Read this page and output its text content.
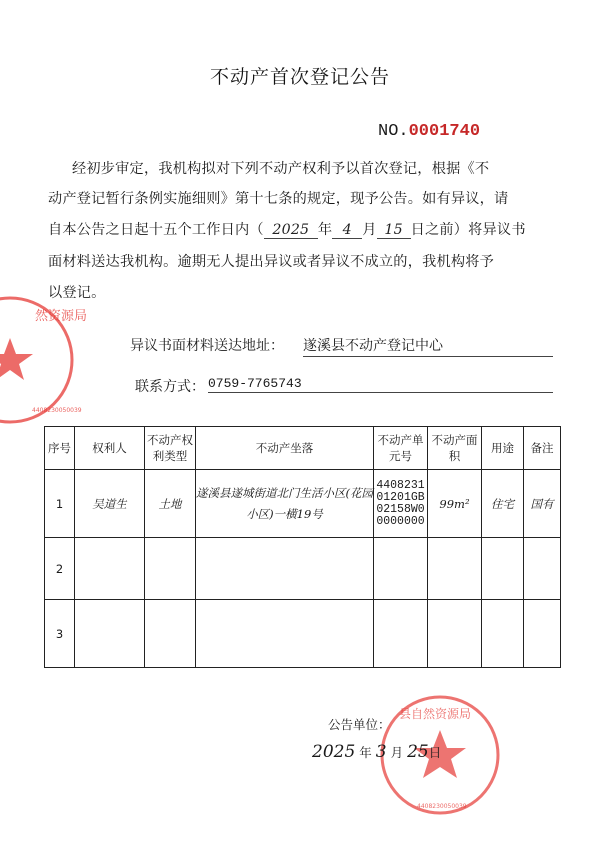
然资源局
4408230050039
县自然资源局
4408230050039
不动产首次登记公告
NO.0001740
经初步审定，我机构拟对下列不动产权利予以首次登记，根据《不
动产登记暂行条例实施细则》第十七条的规定，现予公告。如有异议，请
自本公告之日起十五个工作日内（ 2025 年 4 月 15 日之前）将异议书
面材料送达我机构。逾期无人提出异议或者异议不成立的，我机构将予
以登记。
异议书面材料送达地址： 遂溪县不动产登记中心
联系方式： 0759-7765743
序号	权利人	不动产权利类型	不动产坐落	不动产单元号	不动产面积	用途	备注
1	吴道生	土地	遂溪县遂城街道北门生活小区(花园小区)一横19号	440823101201GB02158W00000000	99m²	住宅	国有
2							
3							
公告单位：
2025 年 3 月 25日
